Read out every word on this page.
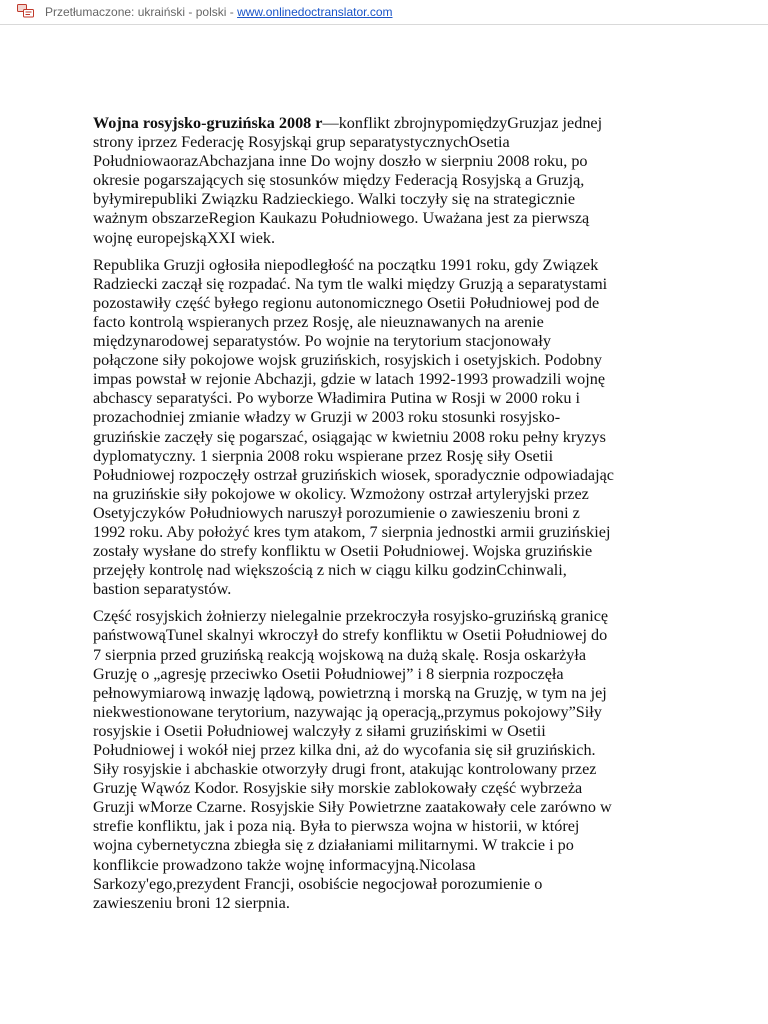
Przetłumaczone: ukraiński - polski - www.onlinedoctranslator.com

Wojna rosyjsko-gruzińska 2008 r—konflikt zbrojnypomiędzyGruzjaz jednej
strony iprzez Federację Rosyjskąi grup separatystycznychOsetia
PołudniowaorazAbchazjana inne Do wojny doszło w sierpniu 2008 roku, po
okresie pogarszających się stosunków między Federacją Rosyjską a Gruzją,
byłymirepubliki Związku Radzieckiego. Walki toczyły się na strategicznie
ważnym obszarzeRegion Kaukazu Południowego. Uważana jest za pierwszą
wojnę europejskąXXI wiek.

Republika Gruzji ogłosiła niepodległość na początku 1991 roku, gdy Związek
Radziecki zaczął się rozpadać. Na tym tle walki między Gruzją a separatystami
pozostawiły część byłego regionu autonomicznego Osetii Południowej pod de
facto kontrolą wspieranych przez Rosję, ale nieuznawanych na arenie
międzynarodowej separatystów. Po wojnie na terytorium stacjonowały
połączone siły pokojowe wojsk gruzińskich, rosyjskich i osetyjskich. Podobny
impas powstał w rejonie Abchazji, gdzie w latach 1992-1993 prowadzili wojnę
abchascy separatyści. Po wyborze Władimira Putina w Rosji w 2000 roku i
prozachodniej zmianie władzy w Gruzji w 2003 roku stosunki rosyjsko-
gruzińskie zaczęły się pogarszać, osiągając w kwietniu 2008 roku pełny kryzys
dyplomatyczny. 1 sierpnia 2008 roku wspierane przez Rosję siły Osetii
Południowej rozpoczęły ostrzał gruzińskich wiosek, sporadycznie odpowiadając
na gruzińskie siły pokojowe w okolicy. Wzmożony ostrzał artyleryjski przez
Osetyjczyków Południowych naruszył porozumienie o zawieszeniu broni z
1992 roku. Aby położyć kres tym atakom, 7 sierpnia jednostki armii gruzińskiej
zostały wysłane do strefy konfliktu w Osetii Południowej. Wojska gruzińskie
przejęły kontrolę nad większością z nich w ciągu kilku godzinCchinwali,
bastion separatystów.

Część rosyjskich żołnierzy nielegalnie przekroczyła rosyjsko-gruzińską granicę
państwowąTunel skalnyi wkroczył do strefy konfliktu w Osetii Południowej do
7 sierpnia przed gruzińską reakcją wojskową na dużą skalę. Rosja oskarżyła
Gruzję o „agresję przeciwko Osetii Południowej” i 8 sierpnia rozpoczęła
pełnowymiarową inwazję lądową, powietrzną i morską na Gruzję, w tym na jej
niekwestionowane terytorium, nazywając ją operacją„przymus pokojowy”Siły
rosyjskie i Osetii Południowej walczyły z siłami gruzińskimi w Osetii
Południowej i wokół niej przez kilka dni, aż do wycofania się sił gruzińskich.
Siły rosyjskie i abchaskie otworzyły drugi front, atakując kontrolowany przez
Gruzję Wąwóz Kodor. Rosyjskie siły morskie zablokowały część wybrzeża
Gruzji wMorze Czarne. Rosyjskie Siły Powietrzne zaatakowały cele zarówno w
strefie konfliktu, jak i poza nią. Była to pierwsza wojna w historii, w której
wojna cybernetyczna zbiegła się z działaniami militarnymi. W trakcie i po
konflikcie prowadzono także wojnę informacyjną.Nicolasa
Sarkozy'ego,prezydent Francji, osobiście negocjował porozumienie o
zawieszeniu broni 12 sierpnia.
